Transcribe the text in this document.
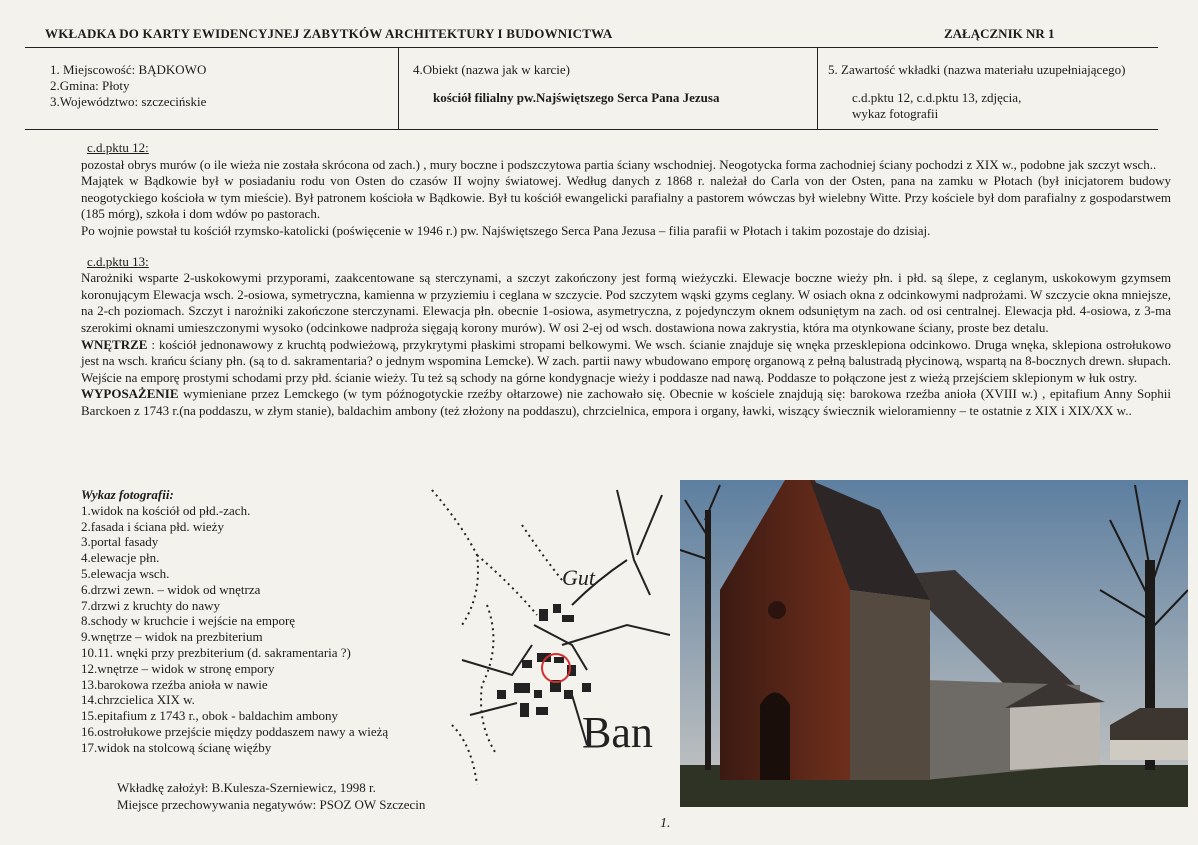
WKŁADKA DO KARTY EWIDENCYJNEJ ZABYTKÓW ARCHITEKTURY I BUDOWNICTWA	ZAŁĄCZNIK NR 1
1. Miejscowość: BĄDKOWO
2.Gmina: Płoty
3.Województwo: szczecińskie
4.Obiekt (nazwa jak w karcie)
kościół filialny pw.Najświętszego Serca Pana Jezusa
5. Zawartość wkładki (nazwa materiału uzupełniającego)
c.d.pktu 12, c.d.pktu 13, zdjęcia,
wykaz fotografii

c.d.pktu 12:

pozostał obrys murów (o ile wieża nie została skrócona od zach.) , mury boczne i podszczytowa partia ściany wschodniej. Neogotycka forma zachodniej ściany pochodzi z XIX w., podobne jak szczyt wsch..

Majątek w Bądkowie był w posiadaniu rodu von Osten do czasów II wojny światowej. Według danych z 1868 r. należał do Carla von der Osten, pana na zamku w Płotach (był inicjatorem budowy neogotyckiego kościoła w tym mieście). Był patronem kościoła w Bądkowie. Był tu kościół ewangelicki parafialny a pastorem wówczas był wielebny Witte. Przy kościele był dom parafialny z gospodarstwem (185 mórg), szkoła i dom wdów po pastorach.

Po wojnie powstał tu kościół rzymsko-katolicki (poświęcenie w 1946 r.) pw. Najświętszego Serca Pana Jezusa – filia parafii w Płotach i takim pozostaje do dzisiaj.

c.d.pktu 13:

Narożniki wsparte 2-uskokowymi przyporami, zaakcentowane są sterczynami, a szczyt zakończony jest formą wieżyczki. Elewacje boczne wieży płn. i płd. są ślepe, z ceglanym, uskokowym gzymsem koronującym Elewacja wsch. 2-osiowa, symetryczna, kamienna w przyziemiu i ceglana w szczycie. Pod szczytem wąski gzyms ceglany. W osiach okna z odcinkowymi nadprożami. W szczycie okna mniejsze, na 2-ch poziomach. Szczyt i narożniki zakończone sterczynami. Elewacja płn. obecnie 1-osiowa, asymetryczna, z pojedynczym oknem odsuniętym na zach. od osi centralnej. Elewacja płd. 4-osiowa, z 3-ma szerokimi oknami umieszczonymi wysoko (odcinkowe nadproża sięgają korony murów). W osi 2-ej od wsch. dostawiona nowa zakrystia, która ma otynkowane ściany, proste bez detalu.

WNĘTRZE : kościół jednonawowy z kruchtą podwieżową, przykrytymi płaskimi stropami belkowymi. We wsch. ścianie znajduje się wnęka przesklepiona odcinkowo. Druga wnęka, sklepiona ostrołukowo jest na wsch. krańcu ściany płn. (są to d. sakramentaria? o jednym wspomina Lemcke). W zach. partii nawy wbudowano emporę organową z pełną balustradą płycinową, wspartą na 8-bocznych drewn. słupach. Wejście na emporę prostymi schodami przy płd. ścianie wieży. Tu też są schody na górne kondygnacje wieży i poddasze nad nawą. Poddasze to połączone jest z wieżą przejściem sklepionym w łuk ostry.

WYPOSAŻENIE wymieniane przez Lemckego (w tym późnogotyckie rzeźby ołtarzowe) nie zachowało się. Obecnie w kościele znajdują się: barokowa rzeźba anioła (XVIII w.) , epitafium Anny Sophii Barckoen z 1743 r.(na poddaszu, w złym stanie), baldachim ambony (też złożony na poddaszu), chrzcielnica, empora i organy, ławki, wiszący świecznik wieloramienny – te ostatnie z XIX i XIX/XX w..

Wykaz fotografii:
1.widok na kościół od płd.-zach.
2.fasada i ściana płd. wieży
3.portal fasady
4.elewacje płn.
5.elewacja wsch.
6.drzwi zewn. – widok od wnętrza
7.drzwi z kruchty do nawy
8.schody w kruchcie i wejście na emporę
9.wnętrze – widok na prezbiterium
10.11. wnęki przy prezbiterium (d. sakramentaria ?)
12.wnętrze – widok w stronę empory
13.barokowa rzeźba anioła w nawie
14.chrzcielica XIX w.
15.epitafium z 1743 r., obok - baldachim ambony
16.ostrołukowe przejście między poddaszem nawy a wieżą
17.widok na stolcową ścianę więźby
Wkładkę założył: B.Kulesza-Szerniewicz, 1998 r.
Miejsce przechowywania negatywów: PSOZ OW Szczecin
Gut
Ban
1.
